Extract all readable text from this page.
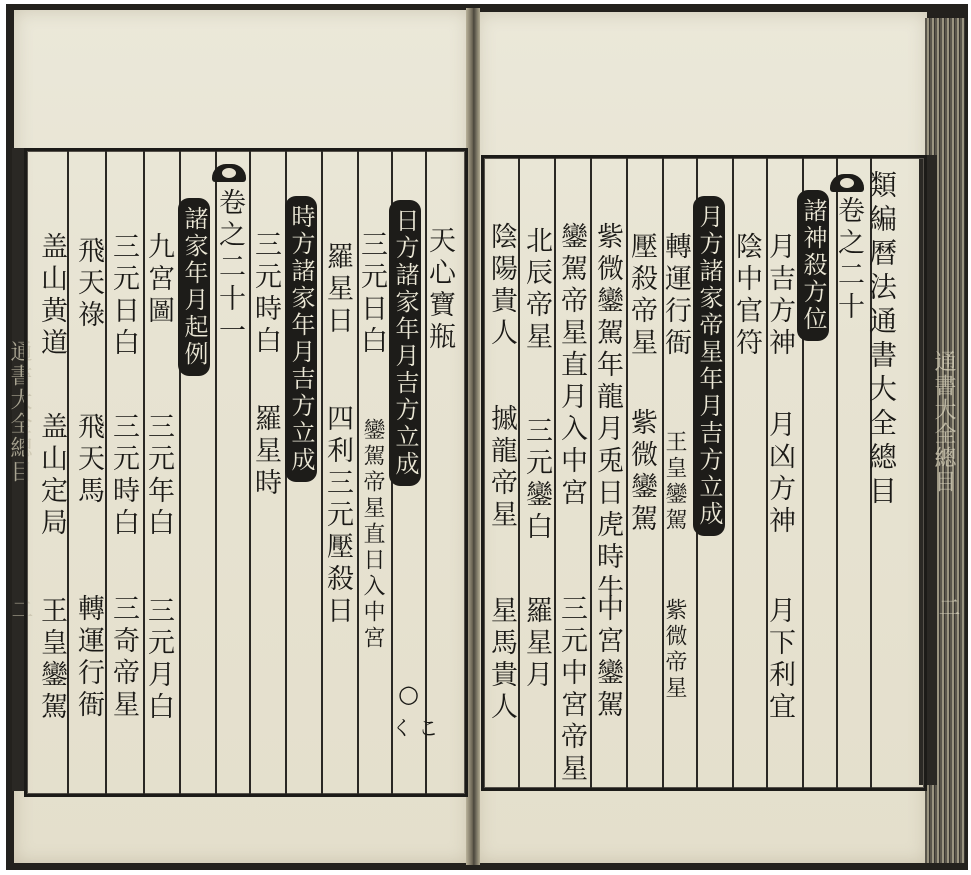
通書大全總目
二
通書大全總目
二
類編曆法通書大全總目
卷之二十
諸神殺方位
月吉方神
月凶方神
月下利宜
陰中官符
月方諸家帝星年月吉方立成
轉運行衙
王皇鑾駕
紫微帝星
壓殺帝星
紫微鑾駕
紫微鑾駕年龍月兎日虎時牛
中宮鑾駕
鑾駕帝星直月入中宮
三元中宮帝星
北辰帝星
三元鑾白
羅星月
陰陽貴人
摵龍帝星
星馬貴人
天心寶瓶
○
く こ
日方諸家年月吉方立成
三元日白
羅星日
鑾駕帝星直日入中宮
四利三元壓殺日
時方諸家年月吉方立成
三元時白
羅星時
卷之二十一
諸家年月起例
九宮圖
三元年白
三元月白
三元日白
三元時白
三奇帝星
飛天祿
飛天馬
轉運行衙
盖山黄道
盖山定局
王皇鑾駕
